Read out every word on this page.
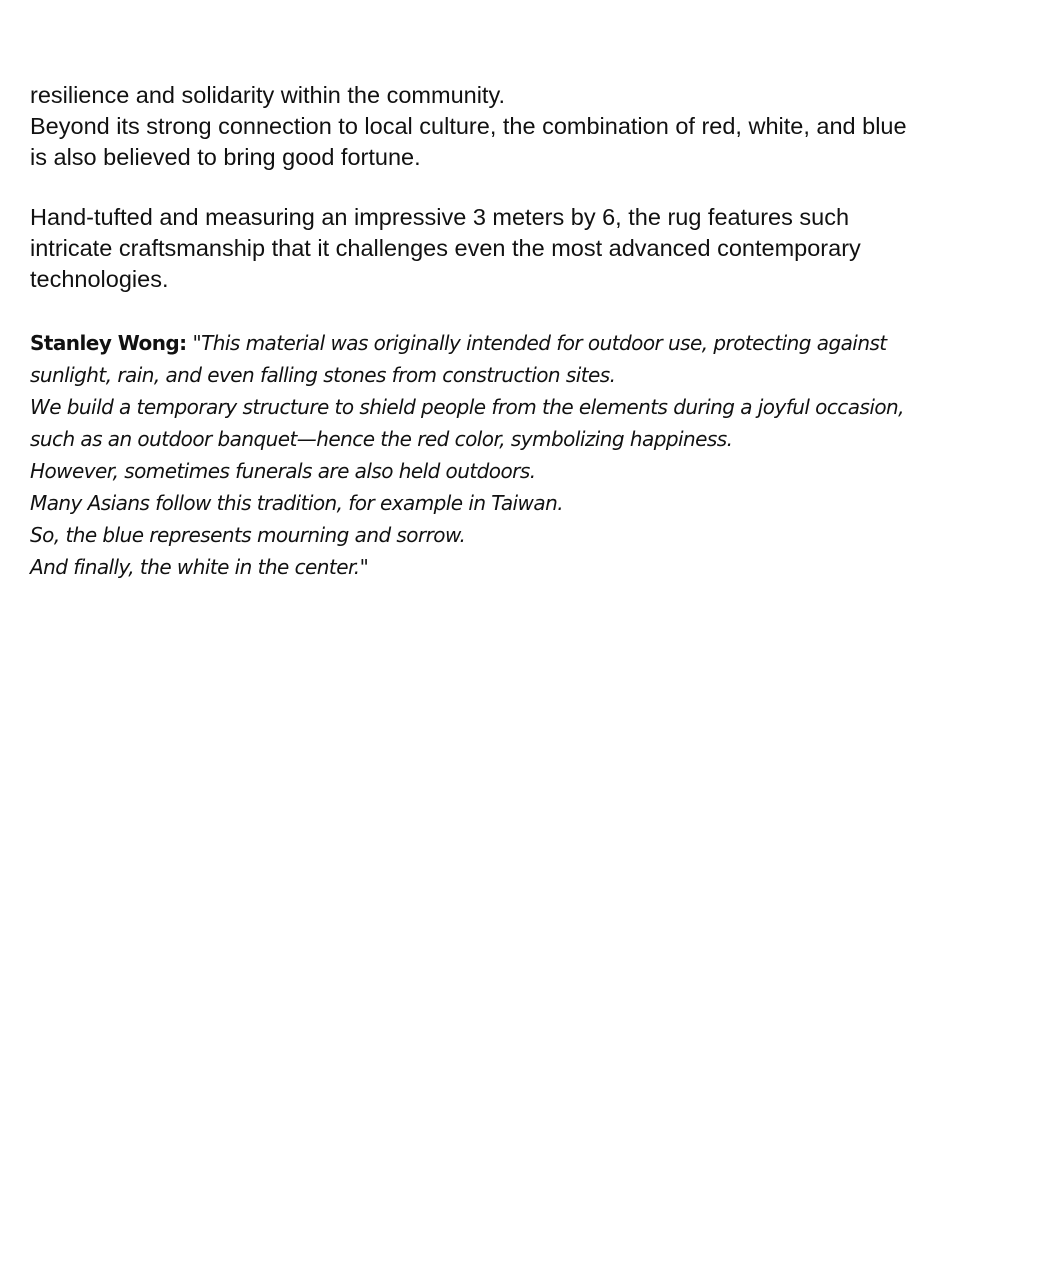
resilience and solidarity within the community.
Beyond its strong connection to local culture, the combination of red, white, and blue
is also believed to bring good fortune.
Hand-tufted and measuring an impressive 3 meters by 6, the rug features such
intricate craftsmanship that it challenges even the most advanced contemporary
technologies.
Stanley Wong: "This material was originally intended for outdoor use, protecting against
sunlight, rain, and even falling stones from construction sites.
We build a temporary structure to shield people from the elements during a joyful occasion,
such as an outdoor banquet—hence the red color, symbolizing happiness.
However, sometimes funerals are also held outdoors.
Many Asians follow this tradition, for example in Taiwan.
So, the blue represents mourning and sorrow.
And finally, the white in the center."
